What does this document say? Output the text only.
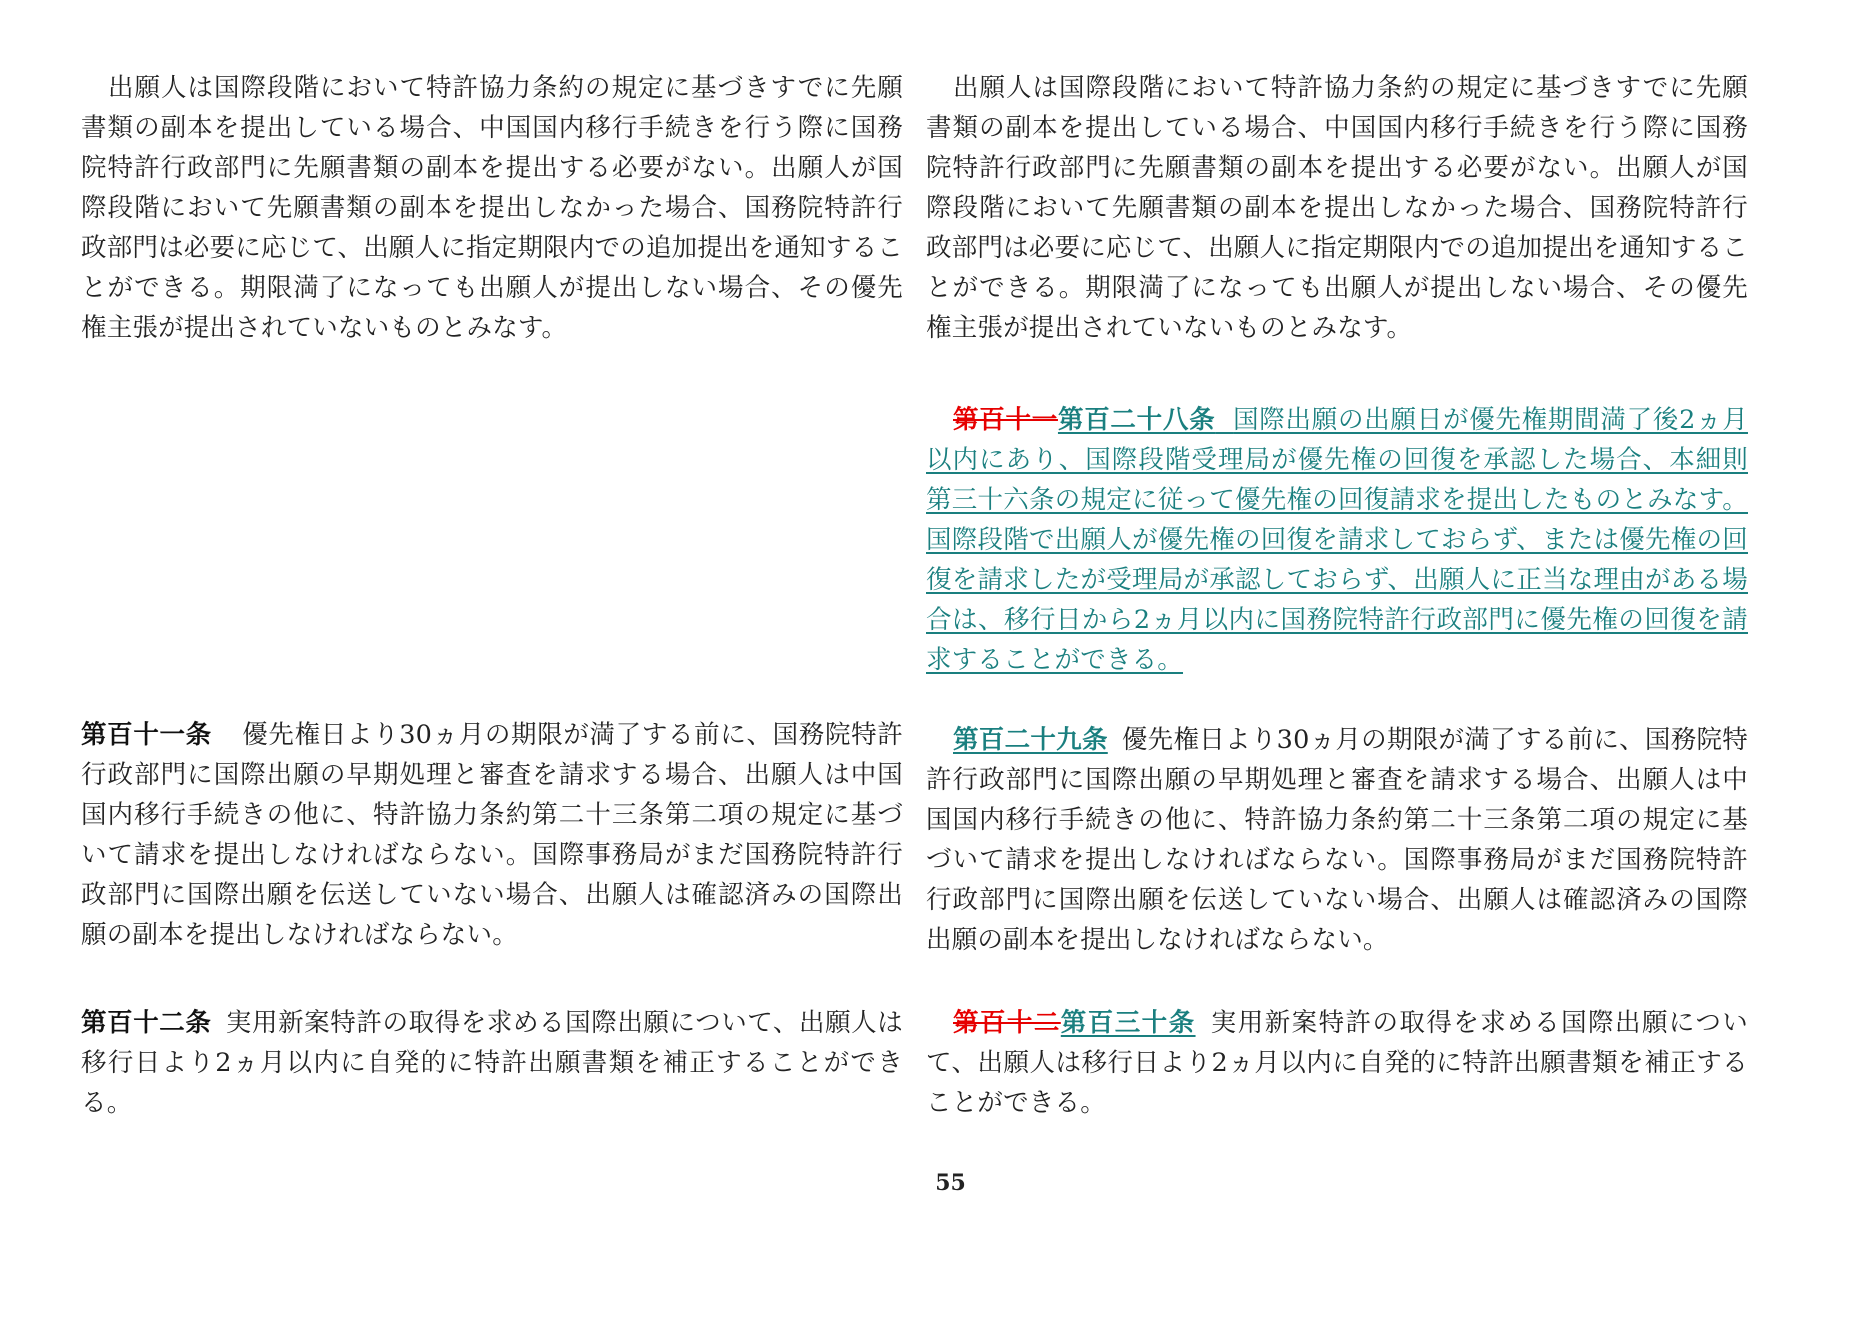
出願人は国際段階において特許協力条約の規定に基づきすでに先願書類の副本を提出している場合、中国国内移行手続きを行う際に国務院特許行政部門に先願書類の副本を提出する必要がない。出願人が国際段階において先願書類の副本を提出しなかった場合、国務院特許行政部門は必要に応じて、出願人に指定期限内での追加提出を通知することができる。期限満了になっても出願人が提出しない場合、その優先権主張が提出されていないものとみなす。

第百十一条 優先権日より30ヵ月の期限が満了する前に、国務院特許行政部門に国際出願の早期処理と審査を請求する場合、出願人は中国国内移行手続きの他に、特許協力条約第二十三条第二項の規定に基づいて請求を提出しなければならない。国際事務局がまだ国務院特許行政部門に国際出願を伝送していない場合、出願人は確認済みの国際出願の副本を提出しなければならない。

第百十二条 実用新案特許の取得を求める国際出願について、出願人は移行日より2ヵ月以内に自発的に特許出願書類を補正することができる。

出願人は国際段階において特許協力条約の規定に基づきすでに先願書類の副本を提出している場合、中国国内移行手続きを行う際に国務院特許行政部門に先願書類の副本を提出する必要がない。出願人が国際段階において先願書類の副本を提出しなかった場合、国務院特許行政部門は必要に応じて、出願人に指定期限内での追加提出を通知することができる。期限満了になっても出願人が提出しない場合、その優先権主張が提出されていないものとみなす。

第百十一第百二十八条 国際出願の出願日が優先権期間満了後2ヵ月以内にあり、国際段階受理局が優先権の回復を承認した場合、本細則第三十六条の規定に従って優先権の回復請求を提出したものとみなす。国際段階で出願人が優先権の回復を請求しておらず、または優先権の回復を請求したが受理局が承認しておらず、出願人に正当な理由がある場合は、移行日から2ヵ月以内に国務院特許行政部門に優先権の回復を請求することができる。

第百二十九条 優先権日より30ヵ月の期限が満了する前に、国務院特許行政部門に国際出願の早期処理と審査を請求する場合、出願人は中国国内移行手続きの他に、特許協力条約第二十三条第二項の規定に基づいて請求を提出しなければならない。国際事務局がまだ国務院特許行政部門に国際出願を伝送していない場合、出願人は確認済みの国際出願の副本を提出しなければならない。

第百十二第百三十条 実用新案特許の取得を求める国際出願について、出願人は移行日より2ヵ月以内に自発的に特許出願書類を補正することができる。

55
